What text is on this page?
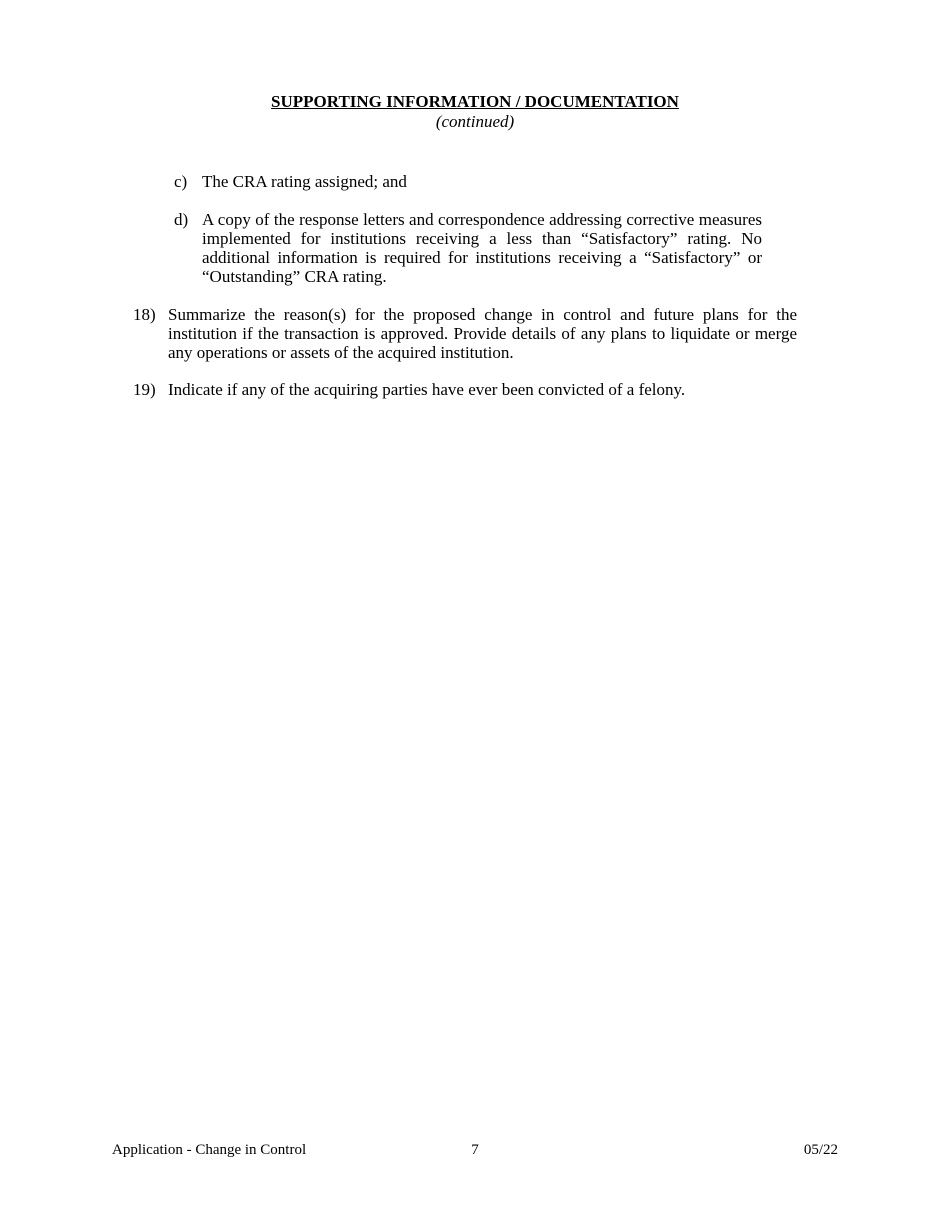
SUPPORTING INFORMATION / DOCUMENTATION
(continued)
c) The CRA rating assigned; and
d) A copy of the response letters and correspondence addressing corrective measures implemented for institutions receiving a less than “Satisfactory” rating. No additional information is required for institutions receiving a “Satisfactory” or “Outstanding” CRA rating.
18) Summarize the reason(s) for the proposed change in control and future plans for the institution if the transaction is approved. Provide details of any plans to liquidate or merge any operations or assets of the acquired institution.
19) Indicate if any of the acquiring parties have ever been convicted of a felony.
Application - Change in Control	7	05/22
